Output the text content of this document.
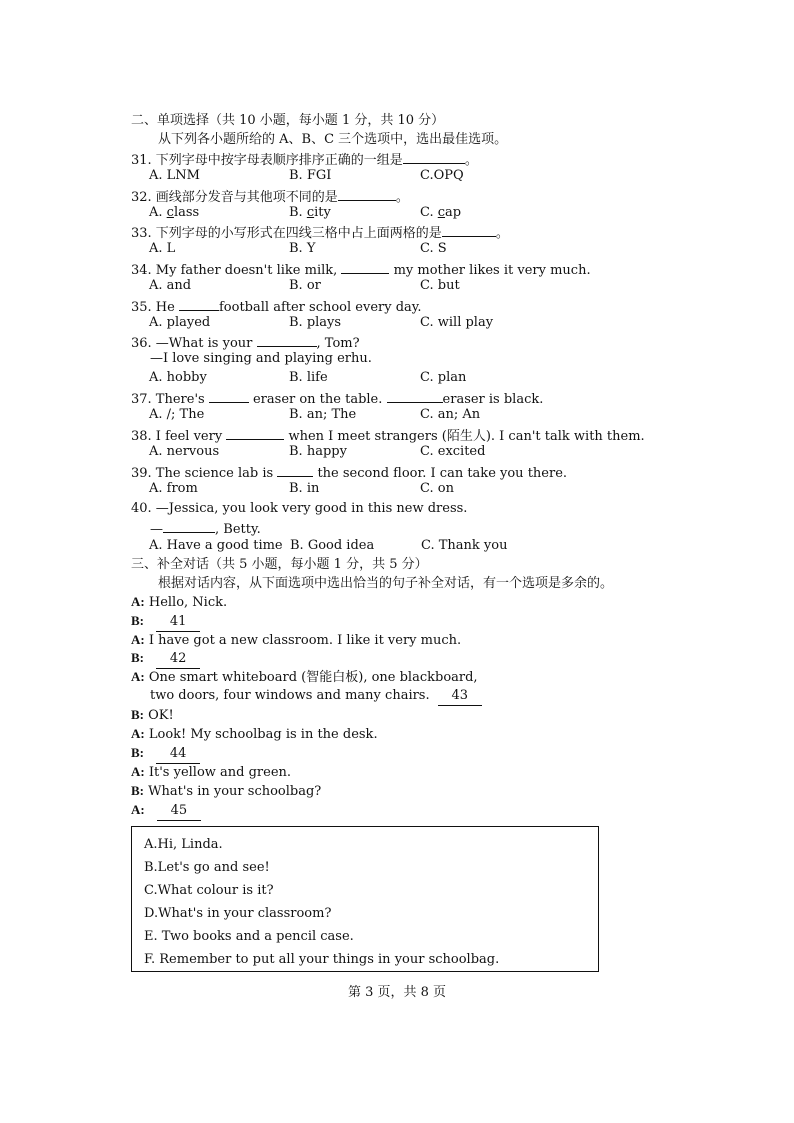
二、单项选择（共 10 小题，每小题 1 分，共 10 分）
从下列各小题所给的 A、B、C 三个选项中，选出最佳选项。
31. 下列字母中按字母表顺序排序正确的一组是	。
A. LNM	B. FGI	C.OPQ
32. 画线部分发音与其他项不同的是	。
A. class	B. city	C. cap
33. 下列字母的小写形式在四线三格中占上面两格的是	。
A. L	B. Y	C. S
34. My father doesn't like milk,	my mother likes it very much.
A. and	B. or	C. but
35. He	football after school every day.
A. played	B. plays	C. will play
36. —What is your	, Tom?
—I love singing and playing erhu.
A. hobby	B. life	C. plan
37. There's	eraser on the table.	eraser is black.
A. /; The	B. an; The	C. an; An
38. I feel very	when I meet strangers (陌生人). I can't talk with them.
A. nervous	B. happy	C. excited
39. The science lab is	the second floor. I can take you there.
A. from	B. in	C. on
40. —Jessica, you look very good in this new dress.
—	, Betty.
A. Have a good time B. Good idea	C. Thank you
三、补全对话（共 5 小题，每小题 1 分，共 5 分）
根据对话内容，从下面选项中选出恰当的句子补全对话，有一个选项是多余的。
A: Hello, Nick.
B: 41
A: I have got a new classroom. I like it very much.
B: 42
A: One smart whiteboard (智能白板), one blackboard,
two doors, four windows and many chairs. 43
B: OK!
A: Look! My schoolbag is in the desk.
B: 44
A: It's yellow and green.
B: What's in your schoolbag?
A: 45
A.Hi, Linda.
B.Let's go and see!
C.What colour is it?
D.What's in your classroom?
E. Two books and a pencil case.
F. Remember to put all your things in your schoolbag.
第 3 页，共 8 页
